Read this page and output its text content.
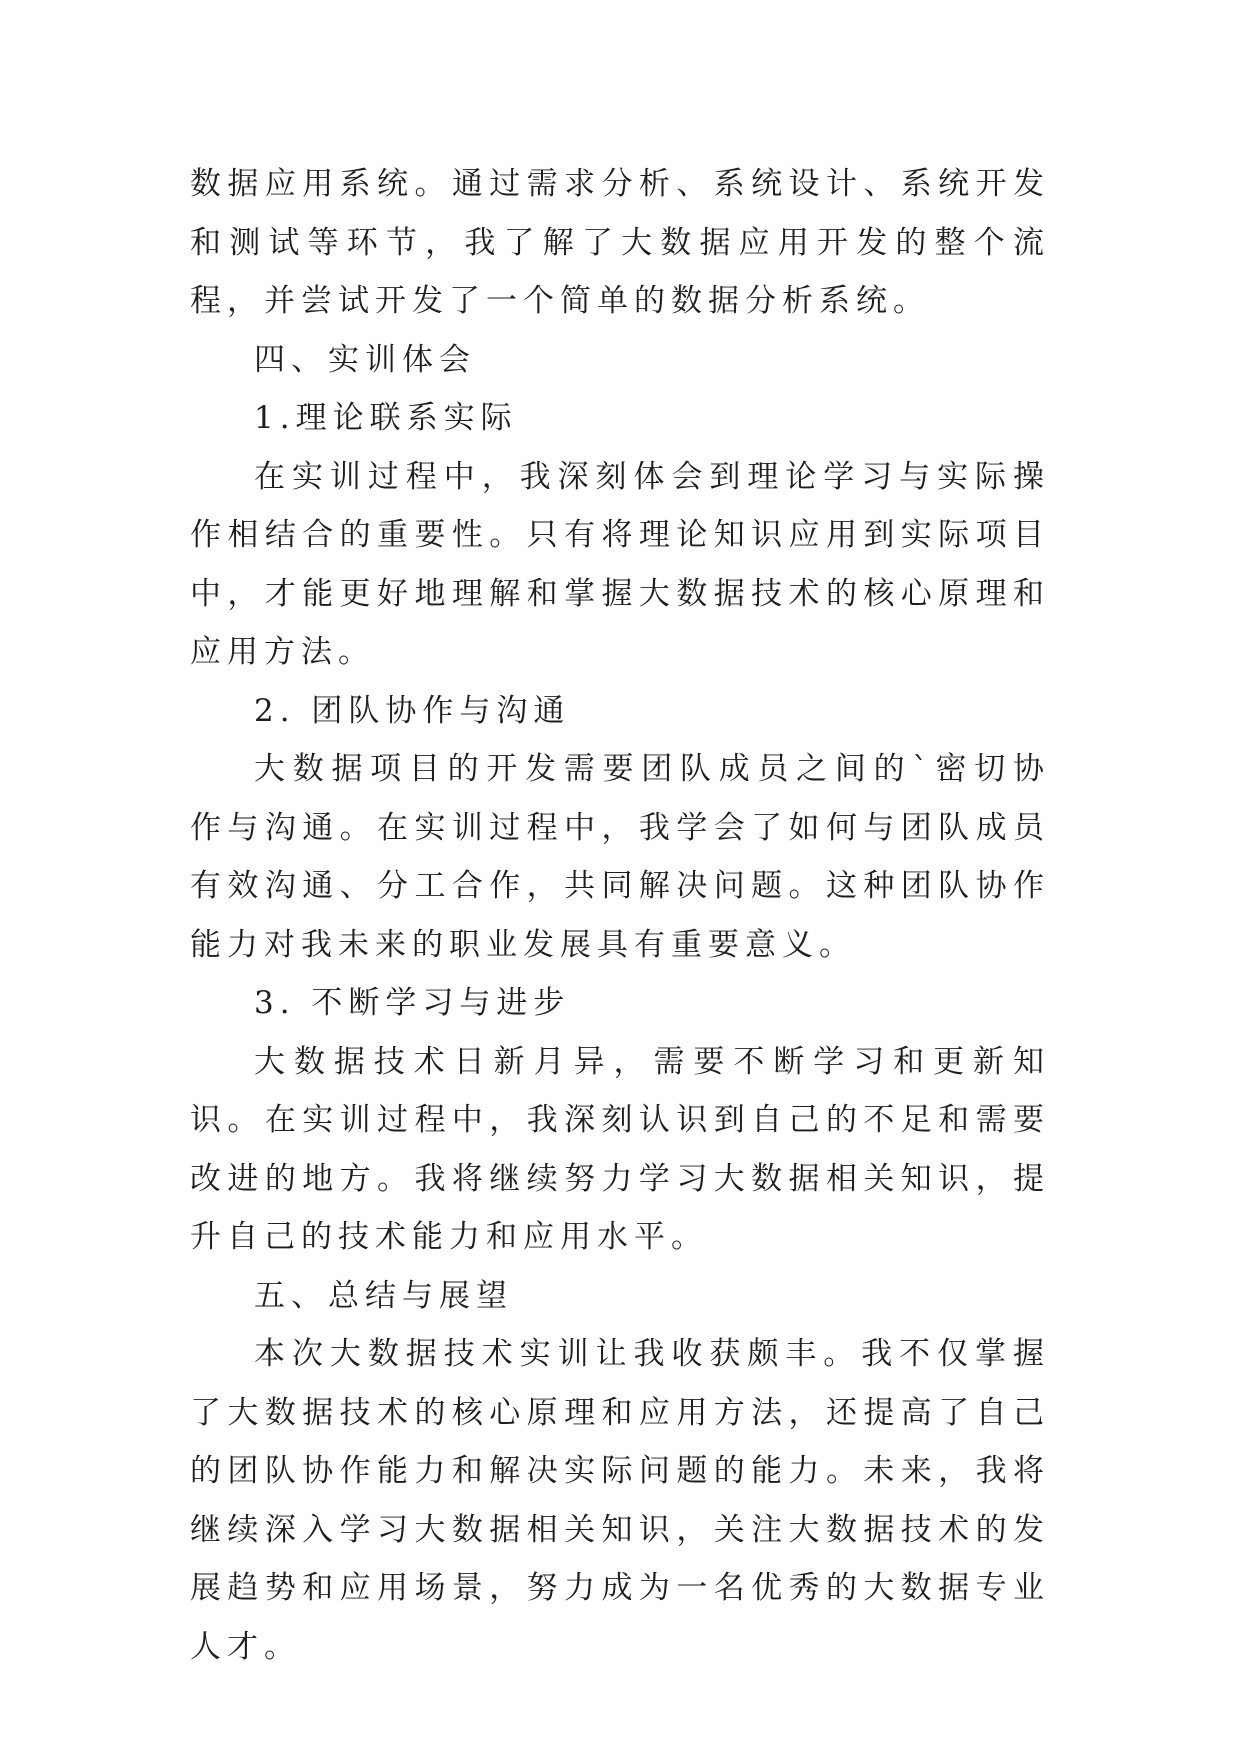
数据应用系统。通过需求分析、系统设计、系统开发和测试等环节，我了解了大数据应用开发的整个流程，并尝试开发了一个简单的数据分析系统。

四、实训体会

1.理论联系实际

在实训过程中，我深刻体会到理论学习与实际操作相结合的重要性。只有将理论知识应用到实际项目中，才能更好地理解和掌握大数据技术的核心原理和应用方法。

2. 团队协作与沟通

大数据项目的开发需要团队成员之间的`密切协作与沟通。在实训过程中，我学会了如何与团队成员有效沟通、分工合作，共同解决问题。这种团队协作能力对我未来的职业发展具有重要意义。

3. 不断学习与进步

大数据技术日新月异，需要不断学习和更新知识。在实训过程中，我深刻认识到自己的不足和需要改进的地方。我将继续努力学习大数据相关知识，提升自己的技术能力和应用水平。

五、总结与展望

本次大数据技术实训让我收获颇丰。我不仅掌握了大数据技术的核心原理和应用方法，还提高了自己的团队协作能力和解决实际问题的能力。未来，我将继续深入学习大数据相关知识，关注大数据技术的发展趋势和应用场景，努力成为一名优秀的大数据专业人才。
